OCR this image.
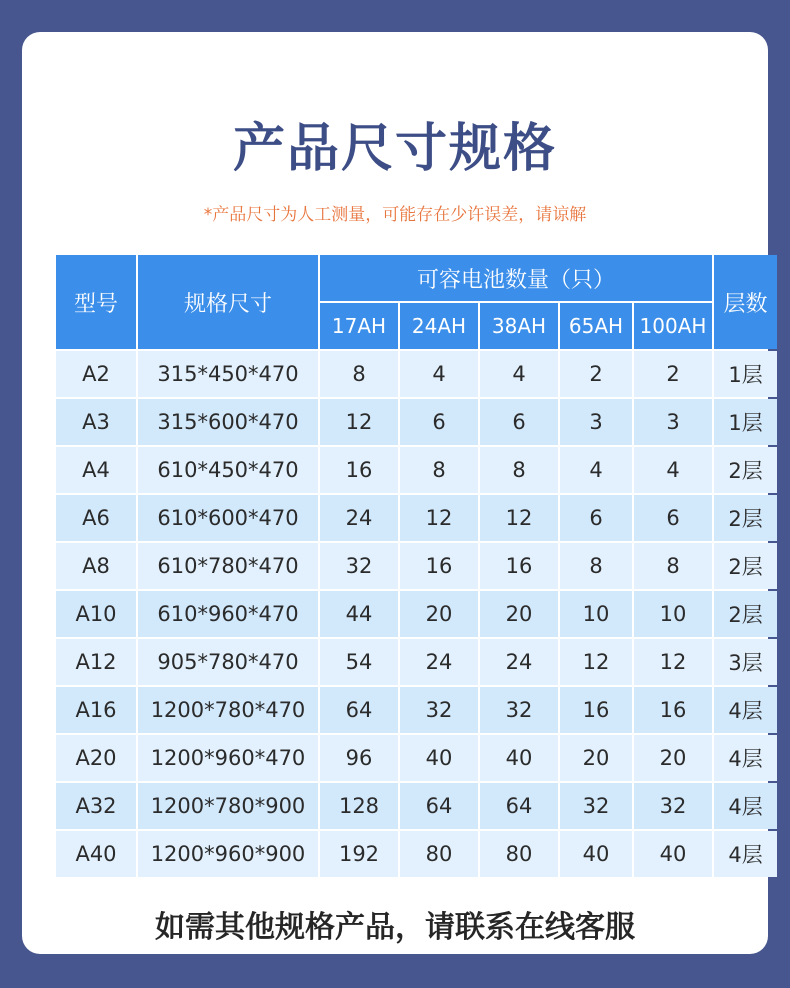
产品尺寸规格
*产品尺寸为人工测量，可能存在少许误差，请谅解
型号	规格尺寸	可容电池数量（只）					层数
		17AH	24AH	38AH	65AH	100AH	
A2	315*450*470	8	4	4	2	2	1层
A3	315*600*470	12	6	6	3	3	1层
A4	610*450*470	16	8	8	4	4	2层
A6	610*600*470	24	12	12	6	6	2层
A8	610*780*470	32	16	16	8	8	2层
A10	610*960*470	44	20	20	10	10	2层
A12	905*780*470	54	24	24	12	12	3层
A16	1200*780*470	64	32	32	16	16	4层
A20	1200*960*470	96	40	40	20	20	4层
A32	1200*780*900	128	64	64	32	32	4层
A40	1200*960*900	192	80	80	40	40	4层
如需其他规格产品，请联系在线客服
